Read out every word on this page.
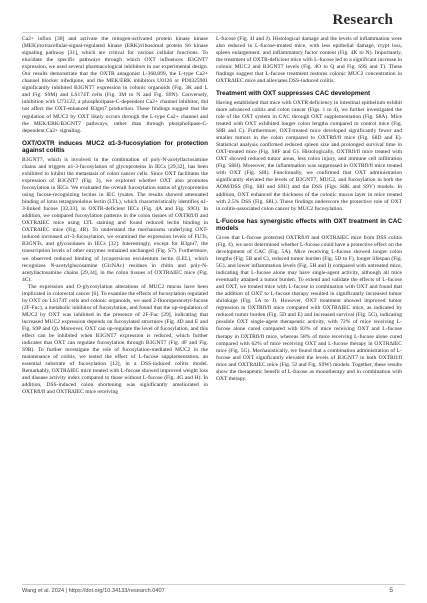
Research

Ca2+ influx [30] and activate the mitogen-activated protein kinase kinase (MEK)/extracellular-signal-regulated kinase (ERK)/ribosomal protein S6 kinase signaling pathway [31], which are critical for various cellular functions. To elucidate the specific pathways through which OXT influences B3GNT7 expression, we used several pharmacological inhibitors in our experimental design. Our results demonstrate that the OXTR antagonist L-368,899, the L-type Ca2+ channel blocker nifedipine, and the MEK/ERK inhibitors U0126 or PD0325901 significantly inhibited B3GNT7 expression in colonic organoids (Fig. 3K and L and Fig. S9M) and LS174T cells (Fig. 3M to N and Fig. S9N). Conversely, inhibition with U73122, a phospholipase-C-dependent Ca2+ channel inhibitor, did not affect the OXT-enhanced B3gnt7 production. These findings suggest that the regulation of MUC2 by OXT likely occurs through the L-type Ca2+ channel and the MEK/ERK/B3GNT7 pathways, rather than through phospholipase-C-dependent Ca2+ signaling.

OXT/OXTR induces MUC2 α1-3-fucosylation for protection against colitis

B3GNT7, which is involved in the combination of poly-N-acetyllactosamine chains and triggers α1-3-fucosylation of glycoproteins in IECs [29,32], has been exhibited to inhibit the metastasis of colon cancer cells. Since OXT facilitates the expression of B3GNT7 (Fig. 3), we explored whether OXT also promotes fucosylation in IECs. We evaluated the overall fucosylation status of glycoproteins using fucose-recognizing lectins in IEC lysates. The results showed attenuated binding of lotus tetragonolobus lectin (LTL), which characteristically identifies α1-3-linked fucose [32,33], in OXTR-deficient IECs (Fig. 4A and Fig. S9O). In addition, we compared fucosylation patterns in the colon tissues of OXTRfl/fl and OXTRΔIEC mice using LTL staining and found reduced lectin binding in OXTRΔIEC mice (Fig. 4B). To understand the mechanisms underlying OXT-induced increased α1-3-fucosylation, we examined the expression levels of FUTs, B3GNTs, and glycosidases in IECs [32]. Interestingly, except for B3gnt7, the transcription levels of other enzymes remained unchanged (Fig. S7). Furthermore, we observed reduced binding of lycopersicon esculentum lectin (LEL), which recognizes N-acetylglucosamine (GlcNAc) residues in chitin and poly-N-acetyllactosamine chains [29,34], in the colon tissues of OXTRΔIEC mice (Fig. 4C).

The expression and O-glycosylation alterations of MUC2 mucus have been implicated in colorectal cancer [6]. To examine the effects of fucosylation regulated by OXT on LS174T cells and colonic organoids, we used 2-fluoroperacetyl-fucose (2F-Fuc), a metabolic inhibitor of fucosylation, and found that the up-regulation of MUC2 by OXT was inhibited in the presence of 2F-Fuc [29], indicating that increased MUC2 expression depends on fucosylated structures (Fig. 4D and E and Fig. S9P and Q). Moreover, OXT can up-regulate the level of fucosylation, and this effect can be inhibited when B3GNT7 expression is reduced, which further indicates that OXT can regulate fucosylation through B3GNT7 (Fig. 4F and Fig. S9R). To further investigate the role of fucosylation-mediated MUC2 in the maintenance of colitis, we tested the effect of L-fucose supplementation, an essential substrate of fucosylation [12], in a DSS-induced colitis model. Remarkably, OXTRΔIEC mice treated with L-fucose showed improved weight loss and disease activity index compared to those without L-fucose (Fig. 4G and H). In addition, DSS-induced colon shortening was significantly ameliorated in OXTRfl/fl and OXTRΔIEC mice receiving

L-fucose (Fig. 4I and J). Histological damage and the levels of inflammation were also reduced in L-fucose-treated mice, with less epithelial damage, crypt loss, spleen enlargement, and inflammatory factor content (Fig. 4K to N). Importantly, the treatment of OXTR-deficient mice with L-fucose led to a significant increase in colonic MUC2 and B3GNT7 levels (Fig. 4O to Q and Fig. S9S and T). These findings suggest that L-fucose treatment restores colonic MUC2 concentration in OXTRΔIEC mice and alleviates DSS-induced colitis.

Treatment with OXT suppresses CAC development

Having established that mice with OXTR deficiency in intestinal epithelium exhibit more advanced colitis and colon cancer (Figs. 1 to 4), we further investigated the role of the OXT system in CAC through OXT supplementation (Fig. S8A). Mice treated with OXT exhibited longer colon lengths compared to control mice (Fig. S8B and C). Furthermore, OXT-treated mice developed significantly fewer and smaller tumors in the colon compared to OXTRfl/fl mice (Fig. S8D and E). Statistical analysis confirmed reduced spleen size and prolonged survival time in OXT-treated mice (Fig. S8F and G). Histologically, OXTRfl/fl mice treated with OXT showed reduced tumor areas, less colon injury, and immune cell infiltration (Fig. S8H). Moreover, the inflammation was suppressed in OXTRfl/fl mice treated with OXT (Fig. S8I). Functionally, we confirmed that OXT administration significantly elevated the levels of B3GNT7, MUC2, and fucosylation in both the AOM/DSS (Fig. S8J and S9U) and the DSS (Figs. S8K and S9V) models. In addition, OXT enhanced the thickness of the colonic mucus layer in mice treated with 2.5% DSS (Fig. S8L). These findings underscore the protective role of OXT in colitis-associated colon cancer by MUC2 fucosylation.

L-Fucose has synergistic effects with OXT treatment in CAC models

Given that L-fucose protected OXTRfl/fl and OXTRΔIEC mice from DSS colitis (Fig. 4), we next determined whether L-fucose could have a protective effect on the development of CAC (Fig. 5A). Mice receiving L-fucose showed longer colon lengths (Fig. 5B and C), reduced tumor burden (Fig. 5D to F), longer lifespan (Fig. 5G), and lower inflammation levels (Fig. 5H and I) compared with untreated mice, indicating that L-fucose alone may have single-agent activity, although all mice eventually attained a tumor burden. To extend and validate the effects of L-fucose and OXT, we treated mice with L-fucose in combination with OXT and found that the addition of OXT to L-fucose therapy resulted in significantly increased tumor shrinkage (Fig. 5A to J). However, OXT treatment showed improved tumor regression in OXTRfl/fl mice compared with OXTRΔIEC mice, as indicated by reduced tumor burden (Fig. 5D and E) and increased survival (Fig. 5G), indicating possible OXT single-agent therapeutic activity, with 72% of mice receiving L-fucose alone cured compared with 83% of mice receiving OXT and L-fucose therapy in OXTRfl/fl mice, whereas 58% of mice receiving L-fucose alone cured compared with 62% of mice receiving OXT and L-fucose therapy in OXTRΔIEC mice (Fig. 5G). Mechanistically, we found that a combination administration of L-fucose and OXT significantly elevated the levels of B3GNT7 in both OXTRfl/fl mice and OXTRΔIEC mice (Fig. 5J and Fig. S9W) models. Together, these results show the therapeutic benefit of L-fucose as monotherapy and in combination with OXT therapy.

Wang et al. 2024 | https://doi.org/10.34133/research.0407	5
